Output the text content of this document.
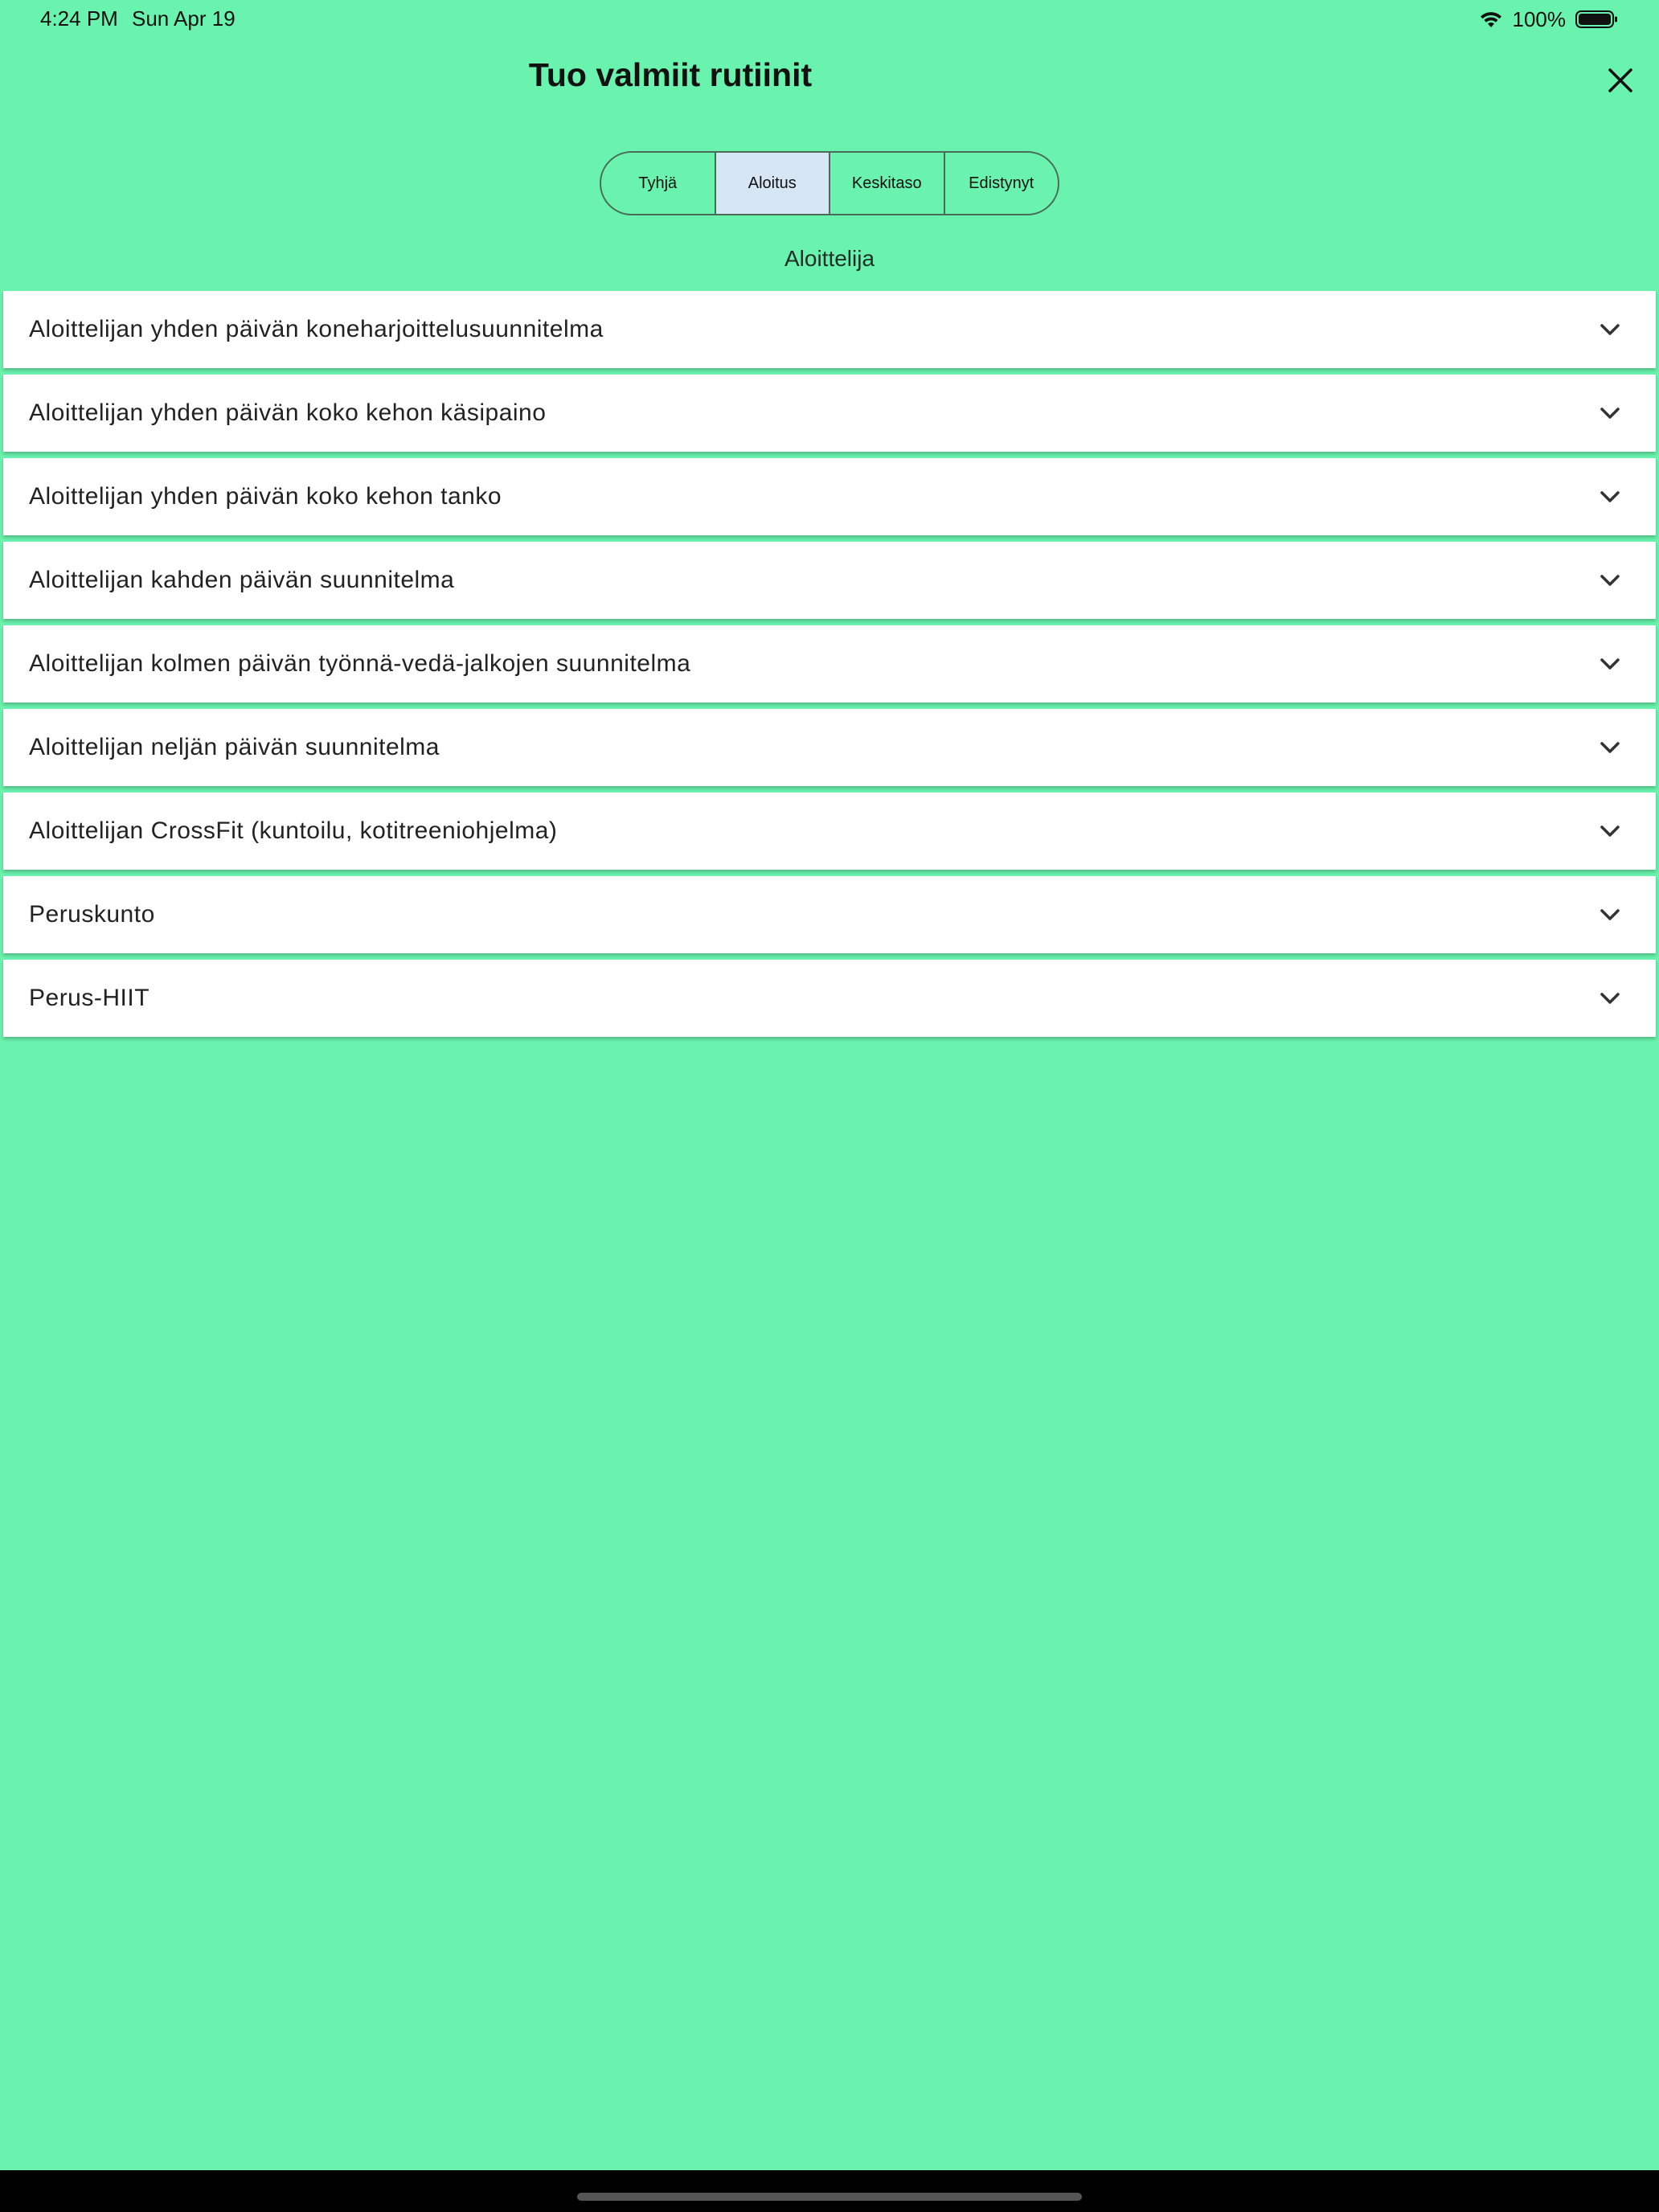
4:24 PM Sun Apr 19	100%
Tuo valmiit rutiinit
Tyhjä	Aloitus	Keskitaso	Edistynyt
Aloittelija
Aloittelijan yhden päivän koneharjoittelusuunnitelma
Aloittelijan yhden päivän koko kehon käsipaino
Aloittelijan yhden päivän koko kehon tanko
Aloittelijan kahden päivän suunnitelma
Aloittelijan kolmen päivän työnnä-vedä-jalkojen suunnitelma
Aloittelijan neljän päivän suunnitelma
Aloittelijan CrossFit (kuntoilu, kotitreeniohjelma)
Peruskunto
Perus-HIIT
